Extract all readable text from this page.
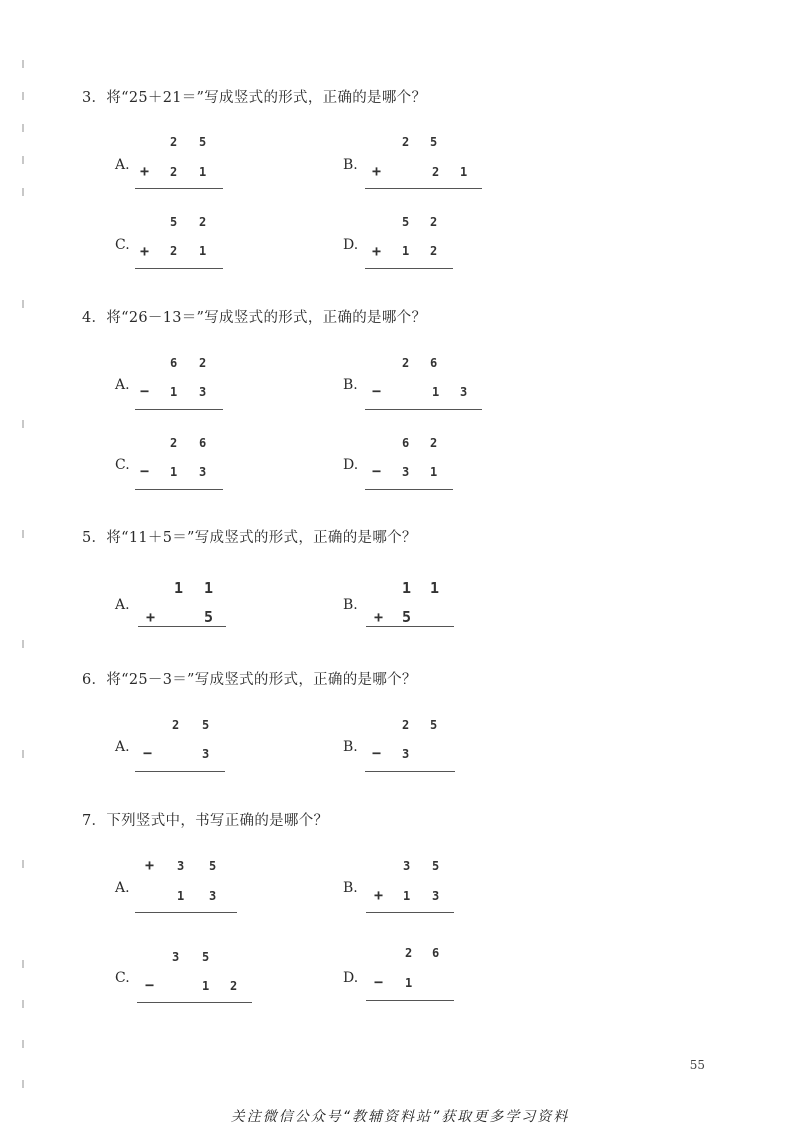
3．将“25＋21＝”写成竖式的形式，正确的是哪个？
A.
2 5
+ 2 1	B.
2 5
+	2 1
C.
5 2
+ 2 1	D.
5 2
+ 1 2
4．将“26－13＝”写成竖式的形式，正确的是哪个？
A.
6 2
− 1 3	B.
2 6
−	1 3
C.
2 6
− 1 3	D.
6 2
− 3 1
5．将“11＋5＝”写成竖式的形式，正确的是哪个？
A.
1 1
+	5
B.
1 1
+ 5
6．将“25－3＝”写成竖式的形式，正确的是哪个？
A.
2 5
−	3	B.
2 5
− 3
7．下列竖式中，书写正确的是哪个？
A.
+ 3 5
1 3	B.
3 5
+ 1 3
C.
3 5
−	1 2	D.
2 6
− 1
55
关注微信公众号“教辅资料站”获取更多学习资料
